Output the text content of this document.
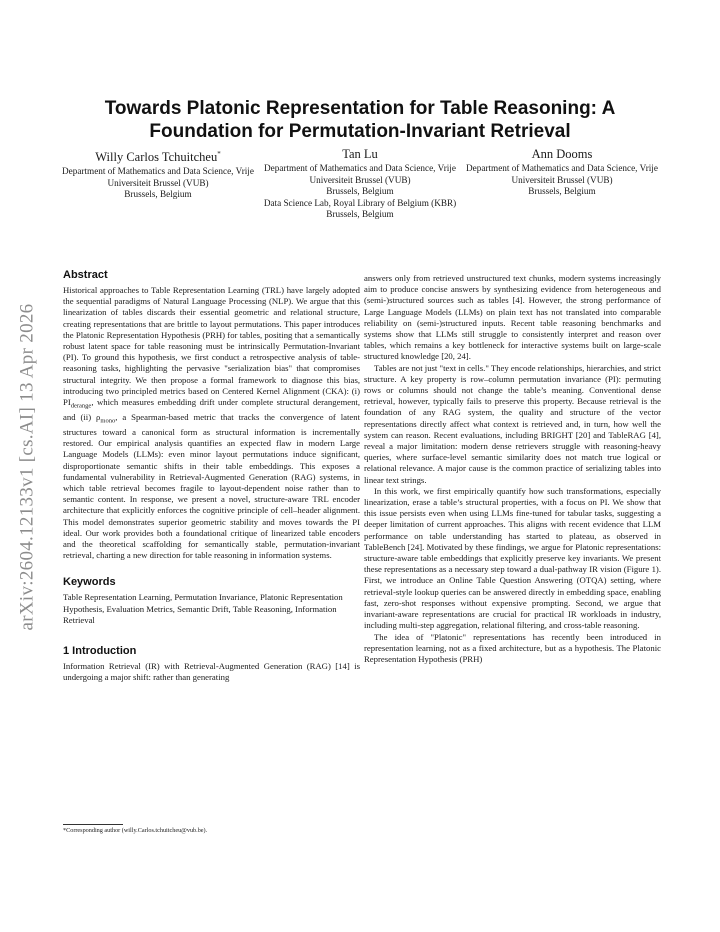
arXiv:2604.12133v1 [cs.AI] 13 Apr 2026
Towards Platonic Representation for Table Reasoning: A Foundation for Permutation-Invariant Retrieval
Willy Carlos Tchuitcheu*
Department of Mathematics and Data Science, Vrije Universiteit Brussel (VUB)
Brussels, Belgium
Tan Lu
Department of Mathematics and Data Science, Vrije Universiteit Brussel (VUB)
Brussels, Belgium
Data Science Lab, Royal Library of Belgium (KBR)
Brussels, Belgium
Ann Dooms
Department of Mathematics and Data Science, Vrije Universiteit Brussel (VUB)
Brussels, Belgium
Abstract

Historical approaches to Table Representation Learning (TRL) have largely adopted the sequential paradigms of Natural Language Processing (NLP). We argue that this linearization of tables discards their essential geometric and relational structure, creating representations that are brittle to layout permutations. This paper introduces the Platonic Representation Hypothesis (PRH) for tables, positing that a semantically robust latent space for table reasoning must be intrinsically Permutation-Invariant (PI). To ground this hypothesis, we first conduct a retrospective analysis of table-reasoning tasks, highlighting the pervasive "serialization bias" that compromises structural integrity. We then propose a formal framework to diagnose this bias, introducing two principled metrics based on Centered Kernel Alignment (CKA): (i) $PI_{derange}$, which measures embedding drift under complete structural derangement, and (ii) $\rho_{mono}$, a Spearman-based metric that tracks the convergence of latent structures toward a canonical form as structural information is incrementally restored. Our empirical analysis quantifies an expected flaw in modern Large Language Models (LLMs): even minor layout permutations induce significant, disproportionate semantic shifts in their table embeddings. This exposes a fundamental vulnerability in Retrieval-Augmented Generation (RAG) systems, in which table retrieval becomes fragile to layout-dependent noise rather than to semantic content. In response, we present a novel, structure-aware TRL encoder architecture that explicitly enforces the cognitive principle of cell–header alignment. This model demonstrates superior geometric stability and moves towards the PI ideal. Our work provides both a foundational critique of linearized table encoders and the theoretical scaffolding for semantically stable, permutation-invariant retrieval, charting a new direction for table reasoning in information systems.

Keywords

Table Representation Learning, Permutation Invariance, Platonic Representation Hypothesis, Evaluation Metrics, Semantic Drift, Table Reasoning, Information Retrieval

1 Introduction

Information Retrieval (IR) with Retrieval-Augmented Generation (RAG) [14] is undergoing a major shift: rather than generating

answers only from retrieved unstructured text chunks, modern systems increasingly aim to produce concise answers by synthesizing evidence from heterogeneous and (semi-)structured sources such as tables [4]. However, the strong performance of Large Language Models (LLMs) on plain text has not translated into comparable reliability on (semi-)structured inputs. Recent table reasoning benchmarks and systems show that LLMs still struggle to consistently interpret and reason over tables, which remains a key bottleneck for interactive systems built on large-scale structured knowledge [20, 24].

Tables are not just "text in cells." They encode relationships, hierarchies, and strict structure. A key property is row–column permutation invariance (PI): permuting rows or columns should not change the table’s meaning. Conventional dense retrieval, however, typically fails to preserve this property. Because retrieval is the foundation of any RAG system, the quality and structure of the vector representations directly affect what context is retrieved and, in turn, how well the system can reason. Recent evaluations, including BRIGHT [20] and TableRAG [4], reveal a major limitation: modern dense retrievers struggle with reasoning-heavy queries, where surface-level semantic similarity does not match true logical or relational relevance. A major cause is the common practice of serializing tables into linear text strings.

In this work, we first empirically quantify how such transformations, especially linearization, erase a table’s structural properties, with a focus on PI. We show that this issue persists even when using LLMs fine-tuned for tabular tasks, suggesting a deeper limitation of current approaches. This aligns with recent evidence that LLM performance on table understanding has started to plateau, as observed in TableBench [24]. Motivated by these findings, we argue for Platonic representations: structure-aware table embeddings that explicitly preserve key invariants. We present these representations as a necessary step toward a dual-pathway IR vision (Figure 1). First, we introduce an Online Table Question Answering (OTQA) setting, where retrieval-style lookup queries can be answered directly in embedding space, enabling fast, zero-shot responses without expensive prompting. Second, we argue that invariant-aware representations are crucial for practical IR workloads in industry, including multi-step aggregation, relational filtering, and cross-table reasoning.

The idea of "Platonic" representations has recently been introduced in representation learning, not as a fixed architecture, but as a hypothesis. The Platonic Representation Hypothesis (PRH)

*Corresponding author (willy.Carlos.tchuitcheu@vub.be).
